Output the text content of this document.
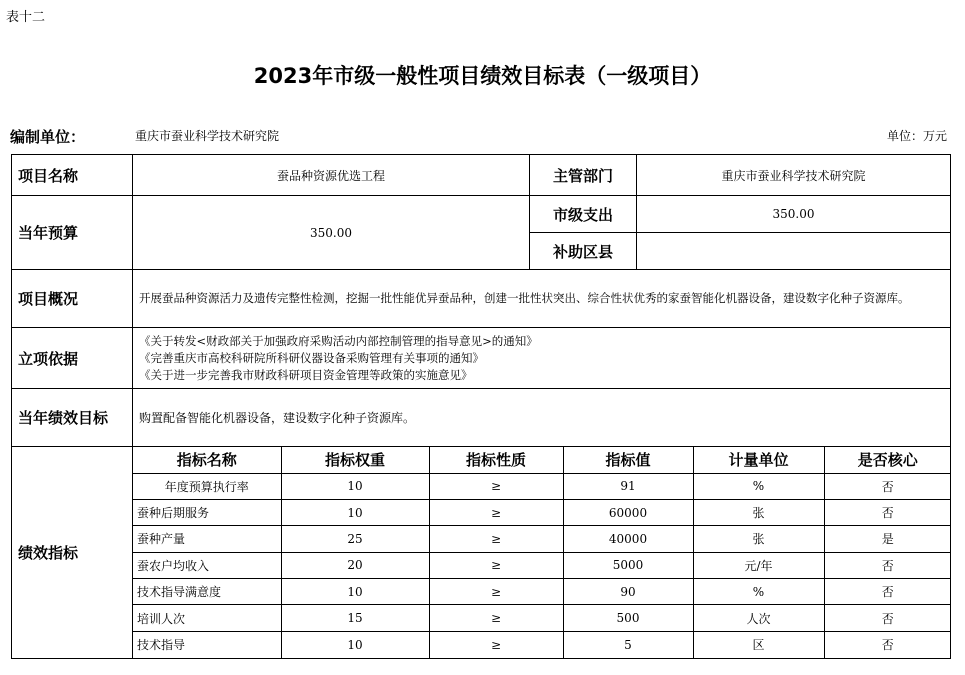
表十二
2023年市级一般性项目绩效目标表（一级项目）
编制单位：	重庆市蚕业科学技术研究院	单位：万元
项目名称	蚕品种资源优选工程	主管部门	重庆市蚕业科学技术研究院
当年预算	350.00	市级支出	350.00
补助区县	
项目概况	开展蚕品种资源活力及遗传完整性检测，挖掘一批性能优异蚕品种，创建一批性状突出、综合性状优秀的家蚕智能化机器设备，建设数字化种子资源库。
立项依据	
《关于转发<财政部关于加强政府采购活动内部控制管理的指导意见>的通知》
《完善重庆市高校科研院所科研仪器设备采购管理有关事项的通知》
《关于进一步完善我市财政科研项目资金管理等政策的实施意见》

当年绩效目标	购置配备智能化机器设备，建设数字化种子资源库。
绩效指标	
指标名称	指标权重	指标性质	指标值	计量单位	是否核心
年度预算执行率	10	≥	91	%	否
蚕种后期服务	10	≥	60000	张	否
蚕种产量	25	≥	40000	张	是
蚕农户均收入	20	≥	5000	元/年	否
技术指导满意度	10	≥	90	%	否
培训人次	15	≥	500	人次	否
技术指导	10	≥	5	区	否
